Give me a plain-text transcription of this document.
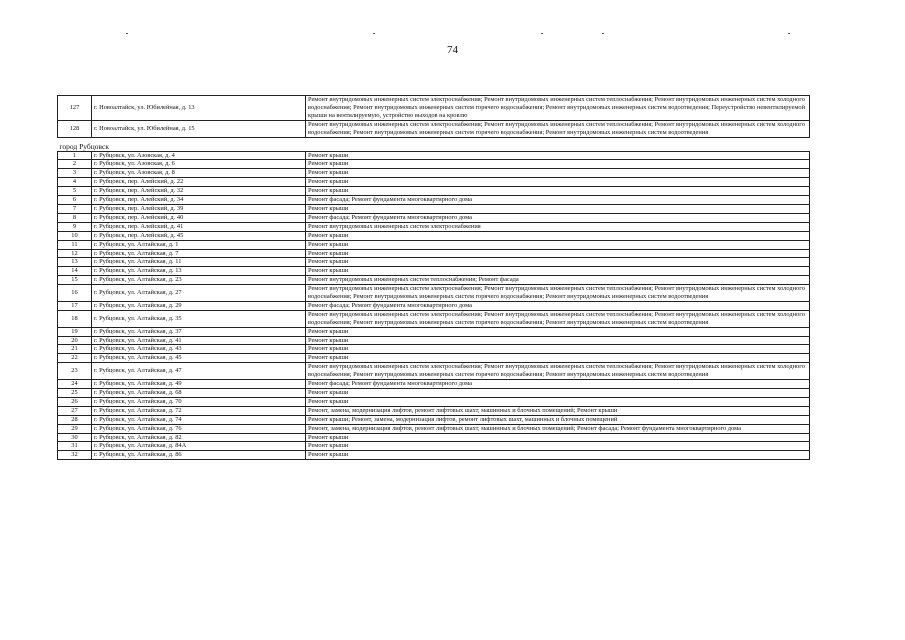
74
127	г. Новоалтайск, ул. Юбилейная, д. 13	Ремонт внутридомовых инженерных систем электроснабжения; Ремонт внутридомовых инженерных систем теплоснабжения; Ремонт внутридомовых инженерных систем холодного водоснабжения; Ремонт внутридомовых инженерных систем горячего водоснабжения; Ремонт внутридомовых инженерных систем водоотведения; Переустройство невентилируемой крыши на вентилируемую, устройство выходов на кровлю
128	г. Новоалтайск, ул. Юбилейная, д. 15	Ремонт внутридомовых инженерных систем электроснабжения; Ремонт внутридомовых инженерных систем теплоснабжения; Ремонт внутридомовых инженерных систем холодного водоснабжения; Ремонт внутридомовых инженерных систем горячего водоснабжения; Ремонт внутридомовых инженерных систем водоотведения
город Рубцовск		
1	г. Рубцовск, ул. Азовская, д. 4	Ремонт крыши
2	г. Рубцовск, ул. Азовская, д. 6	Ремонт крыши
3	г. Рубцовск, ул. Азовская, д. 8	Ремонт крыши
4	г. Рубцовск, пер. Алейский, д. 22	Ремонт крыши
5	г. Рубцовск, пер. Алейский, д. 32	Ремонт крыши
6	г. Рубцовск, пер. Алейский, д. 34	Ремонт фасада; Ремонт фундамента многоквартирного дома
7	г. Рубцовск, пер. Алейский, д. 39	Ремонт крыши
8	г. Рубцовск, пер. Алейский, д. 40	Ремонт фасада; Ремонт фундамента многоквартирного дома
9	г. Рубцовск, пер. Алейский, д. 41	Ремонт внутридомовых инженерных систем электроснабжения
10	г. Рубцовск, пер. Алейский, д. 45	Ремонт крыши
11	г. Рубцовск, ул. Алтайская, д. 1	Ремонт крыши
12	г. Рубцовск, ул. Алтайская, д. 7	Ремонт крыши
13	г. Рубцовск, ул. Алтайская, д. 11	Ремонт крыши
14	г. Рубцовск, ул. Алтайская, д. 13	Ремонт крыши
15	г. Рубцовск, ул. Алтайская, д. 23	Ремонт внутридомовых инженерных систем теплоснабжения; Ремонт фасада
16	г. Рубцовск, ул. Алтайская, д. 27	Ремонт внутридомовых инженерных систем электроснабжения; Ремонт внутридомовых инженерных систем теплоснабжения; Ремонт внутридомовых инженерных систем холодного водоснабжения; Ремонт внутридомовых инженерных систем горячего водоснабжения; Ремонт внутридомовых инженерных систем водоотведения
17	г. Рубцовск, ул. Алтайская, д. 29	Ремонт фасада; Ремонт фундамента многоквартирного дома
18	г. Рубцовск, ул. Алтайская, д. 35	Ремонт внутридомовых инженерных систем электроснабжения; Ремонт внутридомовых инженерных систем теплоснабжения; Ремонт внутридомовых инженерных систем холодного водоснабжения; Ремонт внутридомовых инженерных систем горячего водоснабжения; Ремонт внутридомовых инженерных систем водоотведения
19	г. Рубцовск, ул. Алтайская, д. 37	Ремонт крыши
20	г. Рубцовск, ул. Алтайская, д. 41	Ремонт крыши
21	г. Рубцовск, ул. Алтайская, д. 43	Ремонт крыши
22	г. Рубцовск, ул. Алтайская, д. 45	Ремонт крыши
23	г. Рубцовск, ул. Алтайская, д. 47	Ремонт внутридомовых инженерных систем электроснабжения; Ремонт внутридомовых инженерных систем теплоснабжения; Ремонт внутридомовых инженерных систем холодного водоснабжения; Ремонт внутридомовых инженерных систем горячего водоснабжения; Ремонт внутридомовых инженерных систем водоотведения
24	г. Рубцовск, ул. Алтайская, д. 49	Ремонт фасада; Ремонт фундамента многоквартирного дома
25	г. Рубцовск, ул. Алтайская, д. 68	Ремонт крыши
26	г. Рубцовск, ул. Алтайская, д. 70	Ремонт крыши
27	г. Рубцовск, ул. Алтайская, д. 72	Ремонт, замена, модернизация лифтов, ремонт лифтовых шахт, машинных и блочных помещений; Ремонт крыши
28	г. Рубцовск, ул. Алтайская, д. 74	Ремонт крыши; Ремонт, замена, модернизация лифтов, ремонт лифтовых шахт, машинных и блочных помещений
29	г. Рубцовск, ул. Алтайская, д. 76	Ремонт, замена, модернизация лифтов, ремонт лифтовых шахт, машинных и блочных помещений; Ремонт фасада; Ремонт фундамента многоквартирного дома
30	г. Рубцовск, ул. Алтайская, д. 82	Ремонт крыши
31	г. Рубцовск, ул. Алтайская, д. 84А	Ремонт крыши
32	г. Рубцовск, ул. Алтайская, д. 86	Ремонт крыши
